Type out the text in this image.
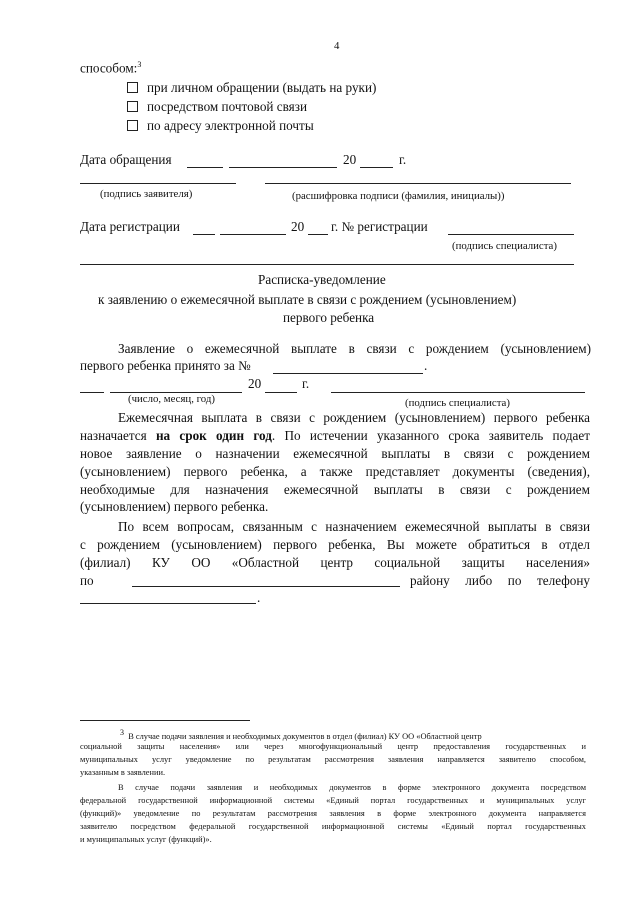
4
способом:$^3$
при личном обращении (выдать на руки)
посредством почтовой связи
по адресу электронной почты
Дата обращения	20	г.
(подпись заявителя)	(расшифровка подписи (фамилия, инициалы))
Дата регистрации	20 г. № регистрации
(подпись специалиста)
Расписка-уведомление
к заявлению о ежемесячной выплате в связи с рождением (усыновлением)
первого ребенка
Заявление о ежемесячной выплате в связи с рождением (усыновлением)
первого ребенка принято за №	.
20	г.
(число, месяц, год)	(подпись специалиста)
Ежемесячная выплата в связи с рождением (усыновлением) первого ребенка
назначается на срок один год. По истечении указанного срока заявитель подает
новое заявление о назначении ежемесячной выплаты в связи с рождением
(усыновлением) первого ребенка, а также представляет документы (сведения),
необходимые для назначения ежемесячной выплаты в связи с рождением
(усыновлением) первого ребенка.
По всем вопросам, связанным с назначением ежемесячной выплаты в связи
с рождением (усыновлением) первого ребенка, Вы можете обратиться в отдел
(филиал) КУ ОО «Областной центр социальной защиты населения»
по	району либо по телефону
.
$^3$ В случае подачи заявления и необходимых документов в отдел (филиал) КУ ОО «Областной центр
социальной защиты населения» или через многофункциональный центр предоставления государственных и
муниципальных услуг уведомление по результатам рассмотрения заявления направляется заявителю способом,
указанным в заявлении.
В случае подачи заявления и необходимых документов в форме электронного документа посредством
федеральной государственной информационной системы «Единый портал государственных и муниципальных услуг
(функций)» уведомление по результатам рассмотрения заявления в форме электронного документа направляется
заявителю посредством федеральной государственной информационной системы «Единый портал государственных
и муниципальных услуг (функций)».
